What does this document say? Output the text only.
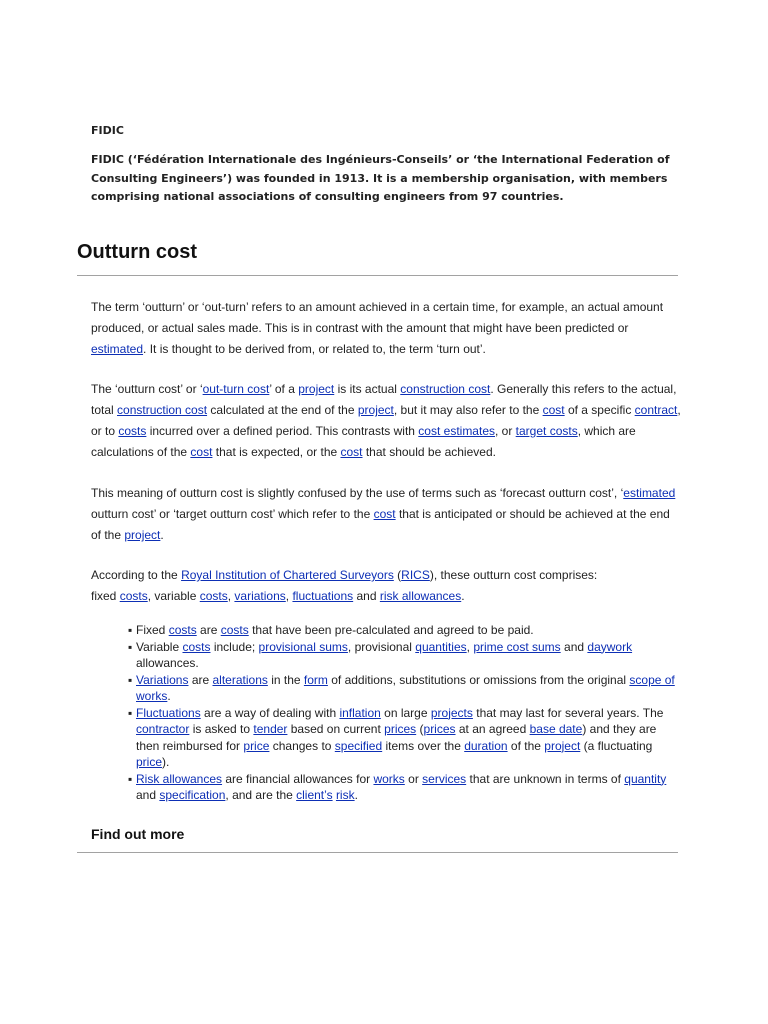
FIDIC
FIDIC (‘Fédération Internationale des Ingénieurs-Conseils’ or ‘the International Federation of Consulting Engineers’) was founded in 1913. It is a membership organisation, with members comprising national associations of consulting engineers from 97 countries.
Outturn cost

The term ‘outturn’ or ‘out-turn’ refers to an amount achieved in a certain time, for example, an actual amount produced, or actual sales made. This is in contrast with the amount that might have been predicted or estimated. It is thought to be derived from, or related to, the term ‘turn out’.

The ‘outturn cost’ or ‘out-turn cost’ of a project is its actual construction cost. Generally this refers to the actual, total construction cost calculated at the end of the project, but it may also refer to the cost of a specific contract, or to costs incurred over a defined period. This contrasts with cost estimates, or target costs, which are calculations of the cost that is expected, or the cost that should be achieved.

This meaning of outturn cost is slightly confused by the use of terms such as ‘forecast outturn cost’, ‘estimated outturn cost’ or ‘target outturn cost’ which refer to the cost that is anticipated or should be achieved at the end of the project.

According to the Royal Institution of Chartered Surveyors (RICS), these outturn cost comprises:
fixed costs, variable costs, variations, fluctuations and risk allowances.

▪ Fixed costs are costs that have been pre-calculated and agreed to be paid.
▪ Variable costs include; provisional sums, provisional quantities, prime cost sums and daywork allowances.
▪ Variations are alterations in the form of additions, substitutions or omissions from the original scope of works.
▪ Fluctuations are a way of dealing with inflation on large projects that may last for several years. The contractor is asked to tender based on current prices (prices at an agreed base date) and they are then reimbursed for price changes to specified items over the duration of the project (a fluctuating price).
▪ Risk allowances are financial allowances for works or services that are unknown in terms of quantity and specification, and are the client’s risk.
Find out more
